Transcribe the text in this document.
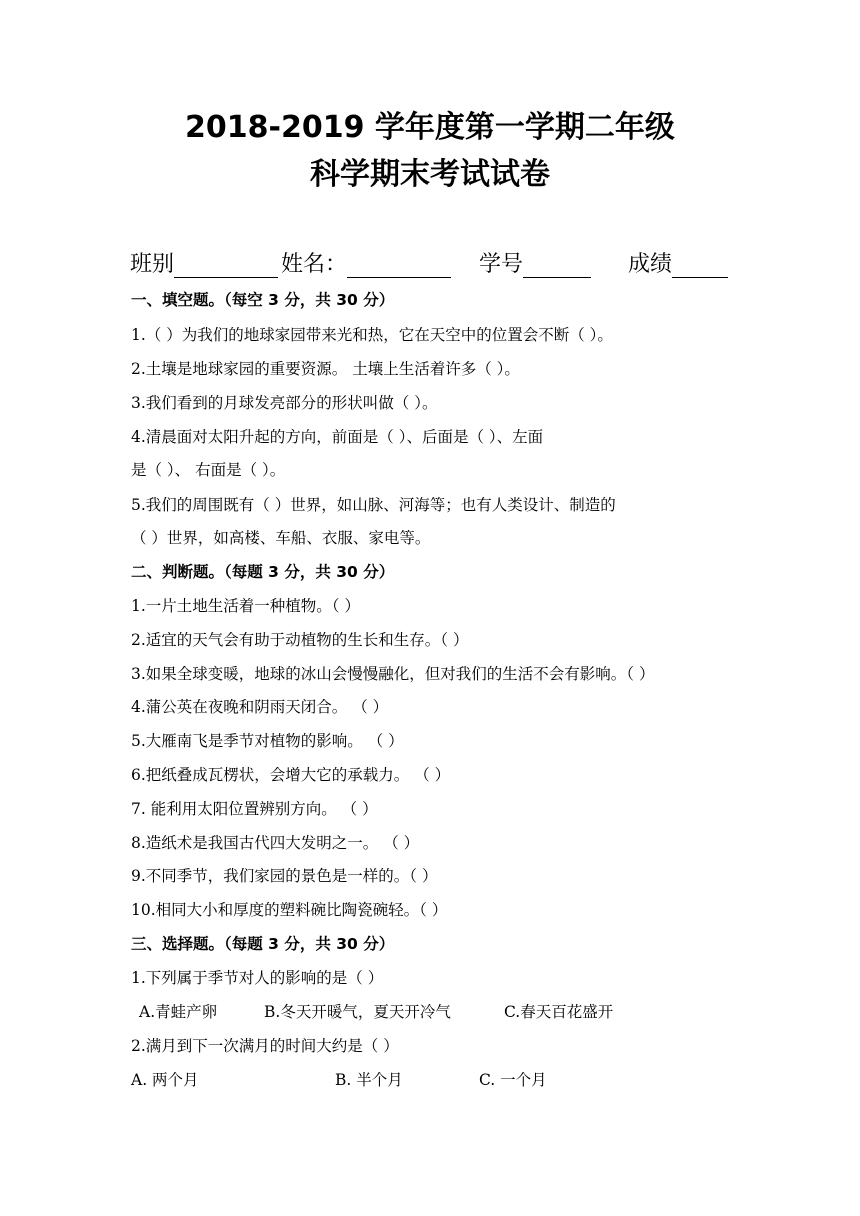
2018-2019 学年度第一学期二年级
科学期末考试试卷
班别	姓名：	学号	成绩
一、填空题。（每空 3 分，共 30 分）
1.（ ）为我们的地球家园带来光和热，它在天空中的位置会不断（ ）。
2.土壤是地球家园的重要资源。 土壤上生活着许多（ ）。
3.我们看到的月球发亮部分的形状叫做（ ）。
4.清晨面对太阳升起的方向，前面是（ ）、后面是（ ）、左面
是（ ）、 右面是（ ）。
5.我们的周围既有（ ）世界，如山脉、河海等；也有人类设计、制造的
（ ）世界，如高楼、车船、衣服、家电等。
二、判断题。（每题 3 分，共 30 分）
1.一片土地生活着一种植物。（ ）
2.适宜的天气会有助于动植物的生长和生存。（ ）
3.如果全球变暖，地球的冰山会慢慢融化，但对我们的生活不会有影响。（ ）
4.蒲公英在夜晚和阴雨天闭合。 （ ）
5.大雁南飞是季节对植物的影响。 （ ）
6.把纸叠成瓦楞状，会增大它的承载力。 （ ）
7. 能利用太阳位置辨别方向。 （ ）
8.造纸术是我国古代四大发明之一。 （ ）
9.不同季节，我们家园的景色是一样的。（ ）
10.相同大小和厚度的塑料碗比陶瓷碗轻。（ ）
三、选择题。（每题 3 分，共 30 分）
1.下列属于季节对人的影响的是（ ）
A.青蛙产卵	B.冬天开暖气，夏天开冷气	C.春天百花盛开
2.满月到下一次满月的时间大约是（ ）
A. 两个月	B. 半个月	C. 一个月
